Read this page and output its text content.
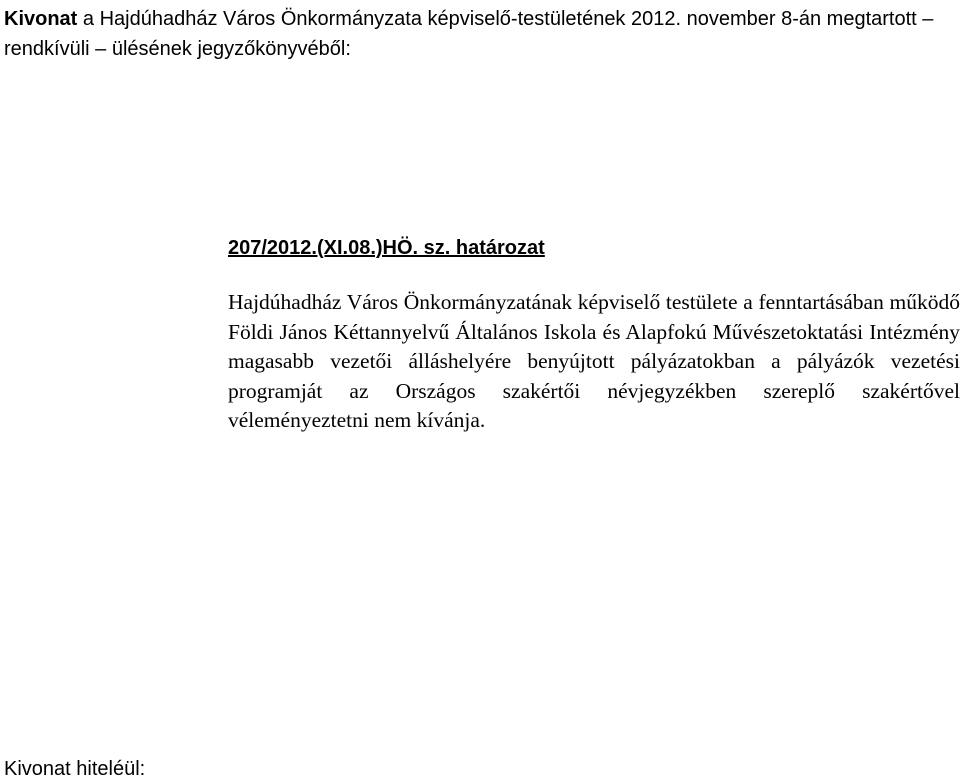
Kivonat a Hajdúhadház Város Önkormányzata képviselő-testületének 2012. november 8-án megtartott – rendkívüli – ülésének jegyzőkönyvéből:
207/2012.(XI.08.)HÖ. sz. határozat
Hajdúhadház Város Önkormányzatának képviselő testülete a fenntartásában működő Földi János Kéttannyelvű Általános Iskola és Alapfokú Művészetoktatási Intézmény magasabb vezetői álláshelyére benyújtott pályázatokban a pályázók vezetési programját az Országos szakértői névjegyzékben szereplő szakértővel véleményeztetni nem kívánja.
Kivonat hiteléül:
